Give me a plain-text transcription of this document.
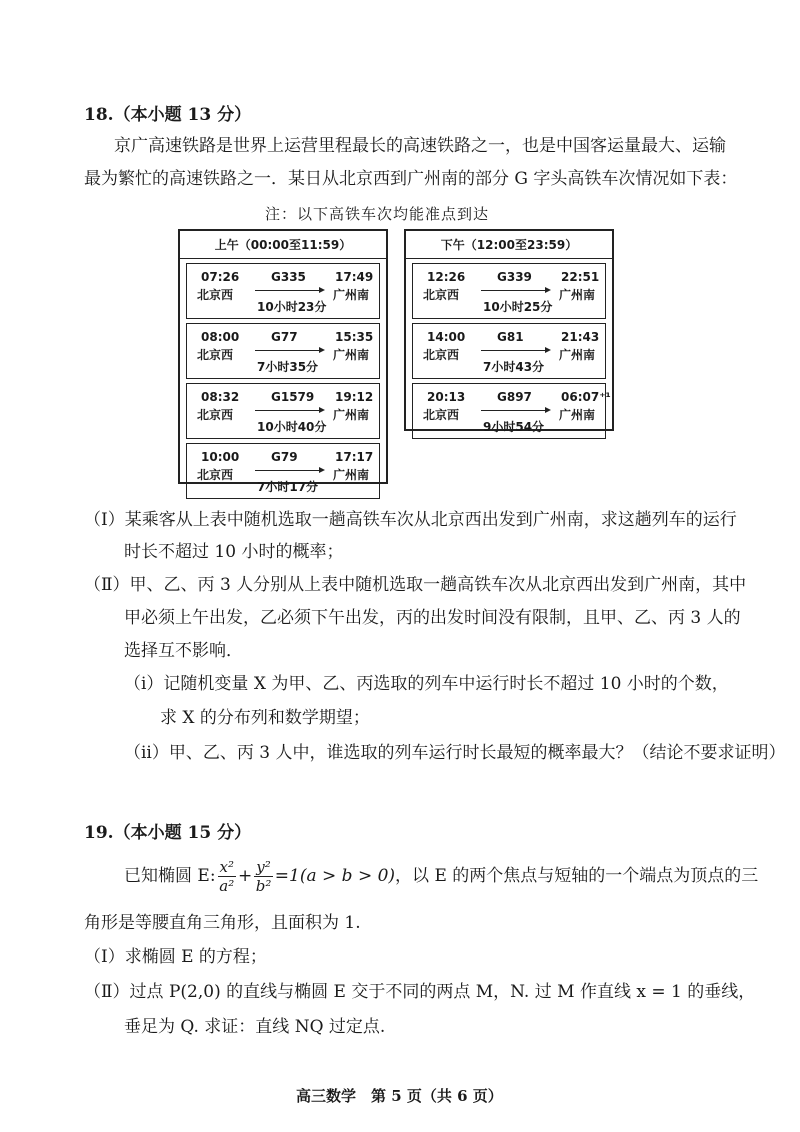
18.（本小题 13 分）
京广高速铁路是世界上运营里程最长的高速铁路之一，也是中国客运量最大、运输
最为繁忙的高速铁路之一．某日从北京西到广州南的部分 G 字头高铁车次情况如下表：
注：以下高铁车次均能准点到达
上午（00:00至11:59）
07:26
北京西
G335
10小时23分
17:49
广州南
08:00
北京西
G77
7小时35分
15:35
广州南
08:32
北京西
G1579
10小时40分
19:12
广州南
10:00
北京西
G79
7小时17分
17:17
广州南
下午（12:00至23:59）
12:26
北京西
G339
10小时25分
22:51
广州南
14:00
北京西
G81
7小时43分
21:43
广州南
20:13
北京西
G897
9小时54分
06:07⁺¹
广州南
（Ⅰ）某乘客从上表中随机选取一趟高铁车次从北京西出发到广州南，求这趟列车的运行
时长不超过 10 小时的概率；
（Ⅱ）甲、乙、丙 3 人分别从上表中随机选取一趟高铁车次从北京西出发到广州南，其中
甲必须上午出发，乙必须下午出发，丙的出发时间没有限制，且甲、乙、丙 3 人的
选择互不影响．
（i）记随机变量 X 为甲、乙、丙选取的列车中运行时长不超过 10 小时的个数，
求 X 的分布列和数学期望；
（ii）甲、乙、丙 3 人中，谁选取的列车运行时长最短的概率最大？（结论不要求证明）
19.（本小题 15 分）
已知椭圆 E: $\frac{\text{x²}}{\text{a²}} + \frac{\text{y²}}{\text{b²}} =1(a > b > 0)$ ，以 E 的两个焦点与短轴的一个端点为顶点的三
角形是等腰直角三角形，且面积为 1.
（Ⅰ）求椭圆 E 的方程；
（Ⅱ）过点 P(2,0) 的直线与椭圆 E 交于不同的两点 M，N. 过 M 作直线 x = 1 的垂线，
垂足为 Q. 求证：直线 NQ 过定点.
高三数学　第 5 页（共 6 页）
